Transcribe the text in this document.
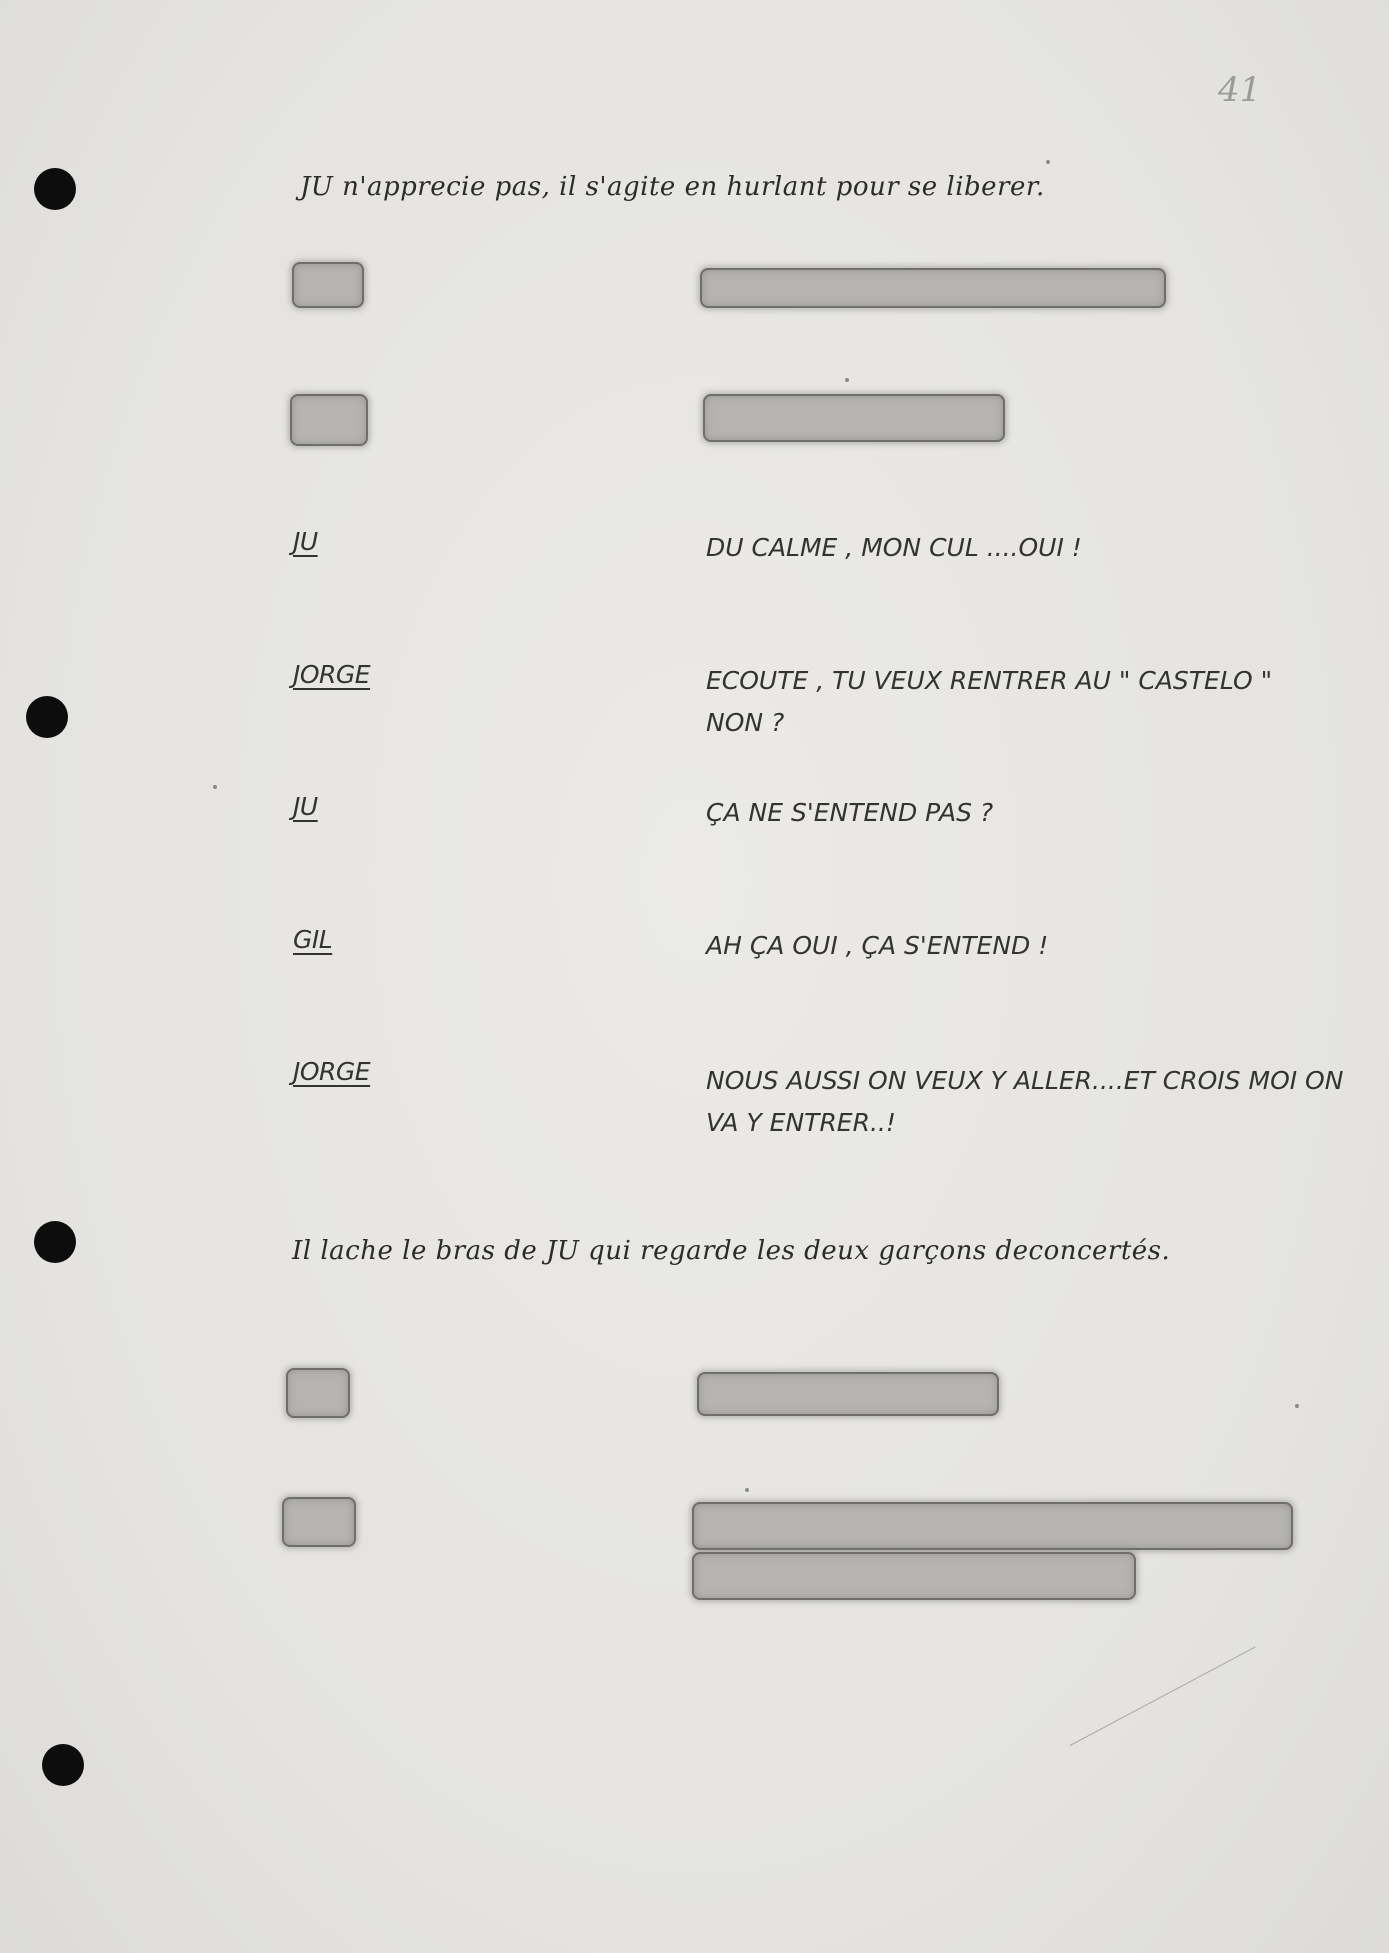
41
JU n'apprecie pas, il s'agite en hurlant pour se liberer.
JU	DU CALME , MON CUL ....OUI !
JORGE	ECOUTE , TU VEUX RENTRER AU " CASTELO "
NON ?
JU	ÇA NE S'ENTEND PAS ?
GIL	AH ÇA OUI , ÇA S'ENTEND !
JORGE	NOUS AUSSI ON VEUX Y ALLER....ET CROIS MOI ON
VA Y ENTRER..!
Il lache le bras de JU qui regarde les deux garçons deconcertés.
